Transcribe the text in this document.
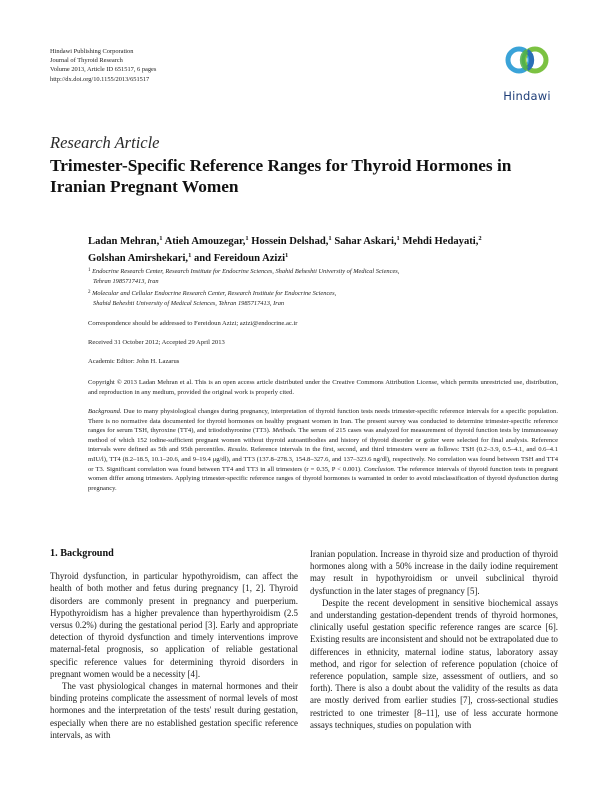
Hindawi Publishing Corporation
Journal of Thyroid Research
Volume 2013, Article ID 651517, 6 pages
http://dx.doi.org/10.1155/2013/651517
Hindawi
Research Article
Trimester-Specific Reference Ranges for Thyroid Hormones in
Iranian Pregnant Women
Ladan Mehran,$^1$ Atieh Amouzegar,$^1$ Hossein Delshad,$^1$ Sahar Askari,$^1$ Mehdi Hedayati,$^2$
Golshan Amirshekari,$^1$ and Fereidoun Azizi$^1$
$^1$ Endocrine Research Center, Research Institute for Endocrine Sciences, Shahid Beheshti University of Medical Sciences,
Tehran 1985717413, Iran
$^2$ Molecular and Cellular Endocrine Research Center, Research Institute for Endocrine Sciences,
Shahid Beheshti University of Medical Sciences, Tehran 1985717413, Iran
Correspondence should be addressed to Fereidoun Azizi; azizi@endocrine.ac.ir
Received 31 October 2012; Accepted 29 April 2013
Academic Editor: John H. Lazarus
Copyright © 2013 Ladan Mehran et al. This is an open access article distributed under the Creative Commons Attribution License, which permits unrestricted use, distribution, and reproduction in any medium, provided the original work is properly cited.
Background. Due to many physiological changes during pregnancy, interpretation of thyroid function tests needs trimester-specific reference intervals for a specific population. There is no normative data documented for thyroid hormones on healthy pregnant women in Iran. The present survey was conducted to determine trimester-specific reference ranges for serum TSH, thyroxine (TT4), and triiodothyronine (TT3). Methods. The serum of 215 cases was analyzed for measurement of thyroid function tests by immunoassay method of which 152 iodine-sufficient pregnant women without thyroid autoantibodies and history of thyroid disorder or goiter were selected for final analysis. Reference intervals were defined as 5th and 95th percentiles. Results. Reference intervals in the first, second, and third trimesters were as follows: TSH (0.2–3.9, 0.5–4.1, and 0.6–4.1 mIU/l), TT4 (8.2–18.5, 10.1–20.6, and 9–19.4 μg/dl), and TT3 (137.8–278.3, 154.8–327.6, and 137–323.6 ng/dl), respectively. No correlation was found between TSH and TT4 or T3. Significant correlation was found between TT4 and TT3 in all trimesters (r = 0.35, P < 0.001). Conclusion. The reference intervals of thyroid function tests in pregnant women differ among trimesters. Applying trimester-specific reference ranges of thyroid hormones is warranted in order to avoid misclassification of thyroid dysfunction during pregnancy.
1. Background

Thyroid dysfunction, in particular hypothyroidism, can affect the health of both mother and fetus during pregnancy [1, 2]. Thyroid disorders are commonly present in pregnancy and puerperium. Hypothyroidism has a higher prevalence than hyperthyroidism (2.5 versus 0.2%) during the gestational period [3]. Early and appropriate detection of thyroid dysfunction and timely interventions improve maternal-fetal prognosis, so application of reliable gestational specific reference values for determining thyroid disorders in pregnant women would be a necessity [4].

The vast physiological changes in maternal hormones and their binding proteins complicate the assessment of normal levels of most hormones and the interpretation of the tests' result during gestation, especially when there are no established gestation specific reference intervals, as with

Iranian population. Increase in thyroid size and production of thyroid hormones along with a 50% increase in the daily iodine requirement may result in hypothyroidism or unveil subclinical thyroid dysfunction in the later stages of pregnancy [5].

Despite the recent development in sensitive biochemical assays and understanding gestation-dependent trends of thyroid hormones, clinically useful gestation specific reference ranges are scarce [6]. Existing results are inconsistent and should not be extrapolated due to differences in ethnicity, maternal iodine status, laboratory assay method, and rigor for selection of reference population (choice of reference population, sample size, assessment of outliers, and so forth). There is also a doubt about the validity of the results as data are mostly derived from earlier studies [7], cross-sectional studies restricted to one trimester [8–11], use of less accurate hormone assays techniques, studies on population with
